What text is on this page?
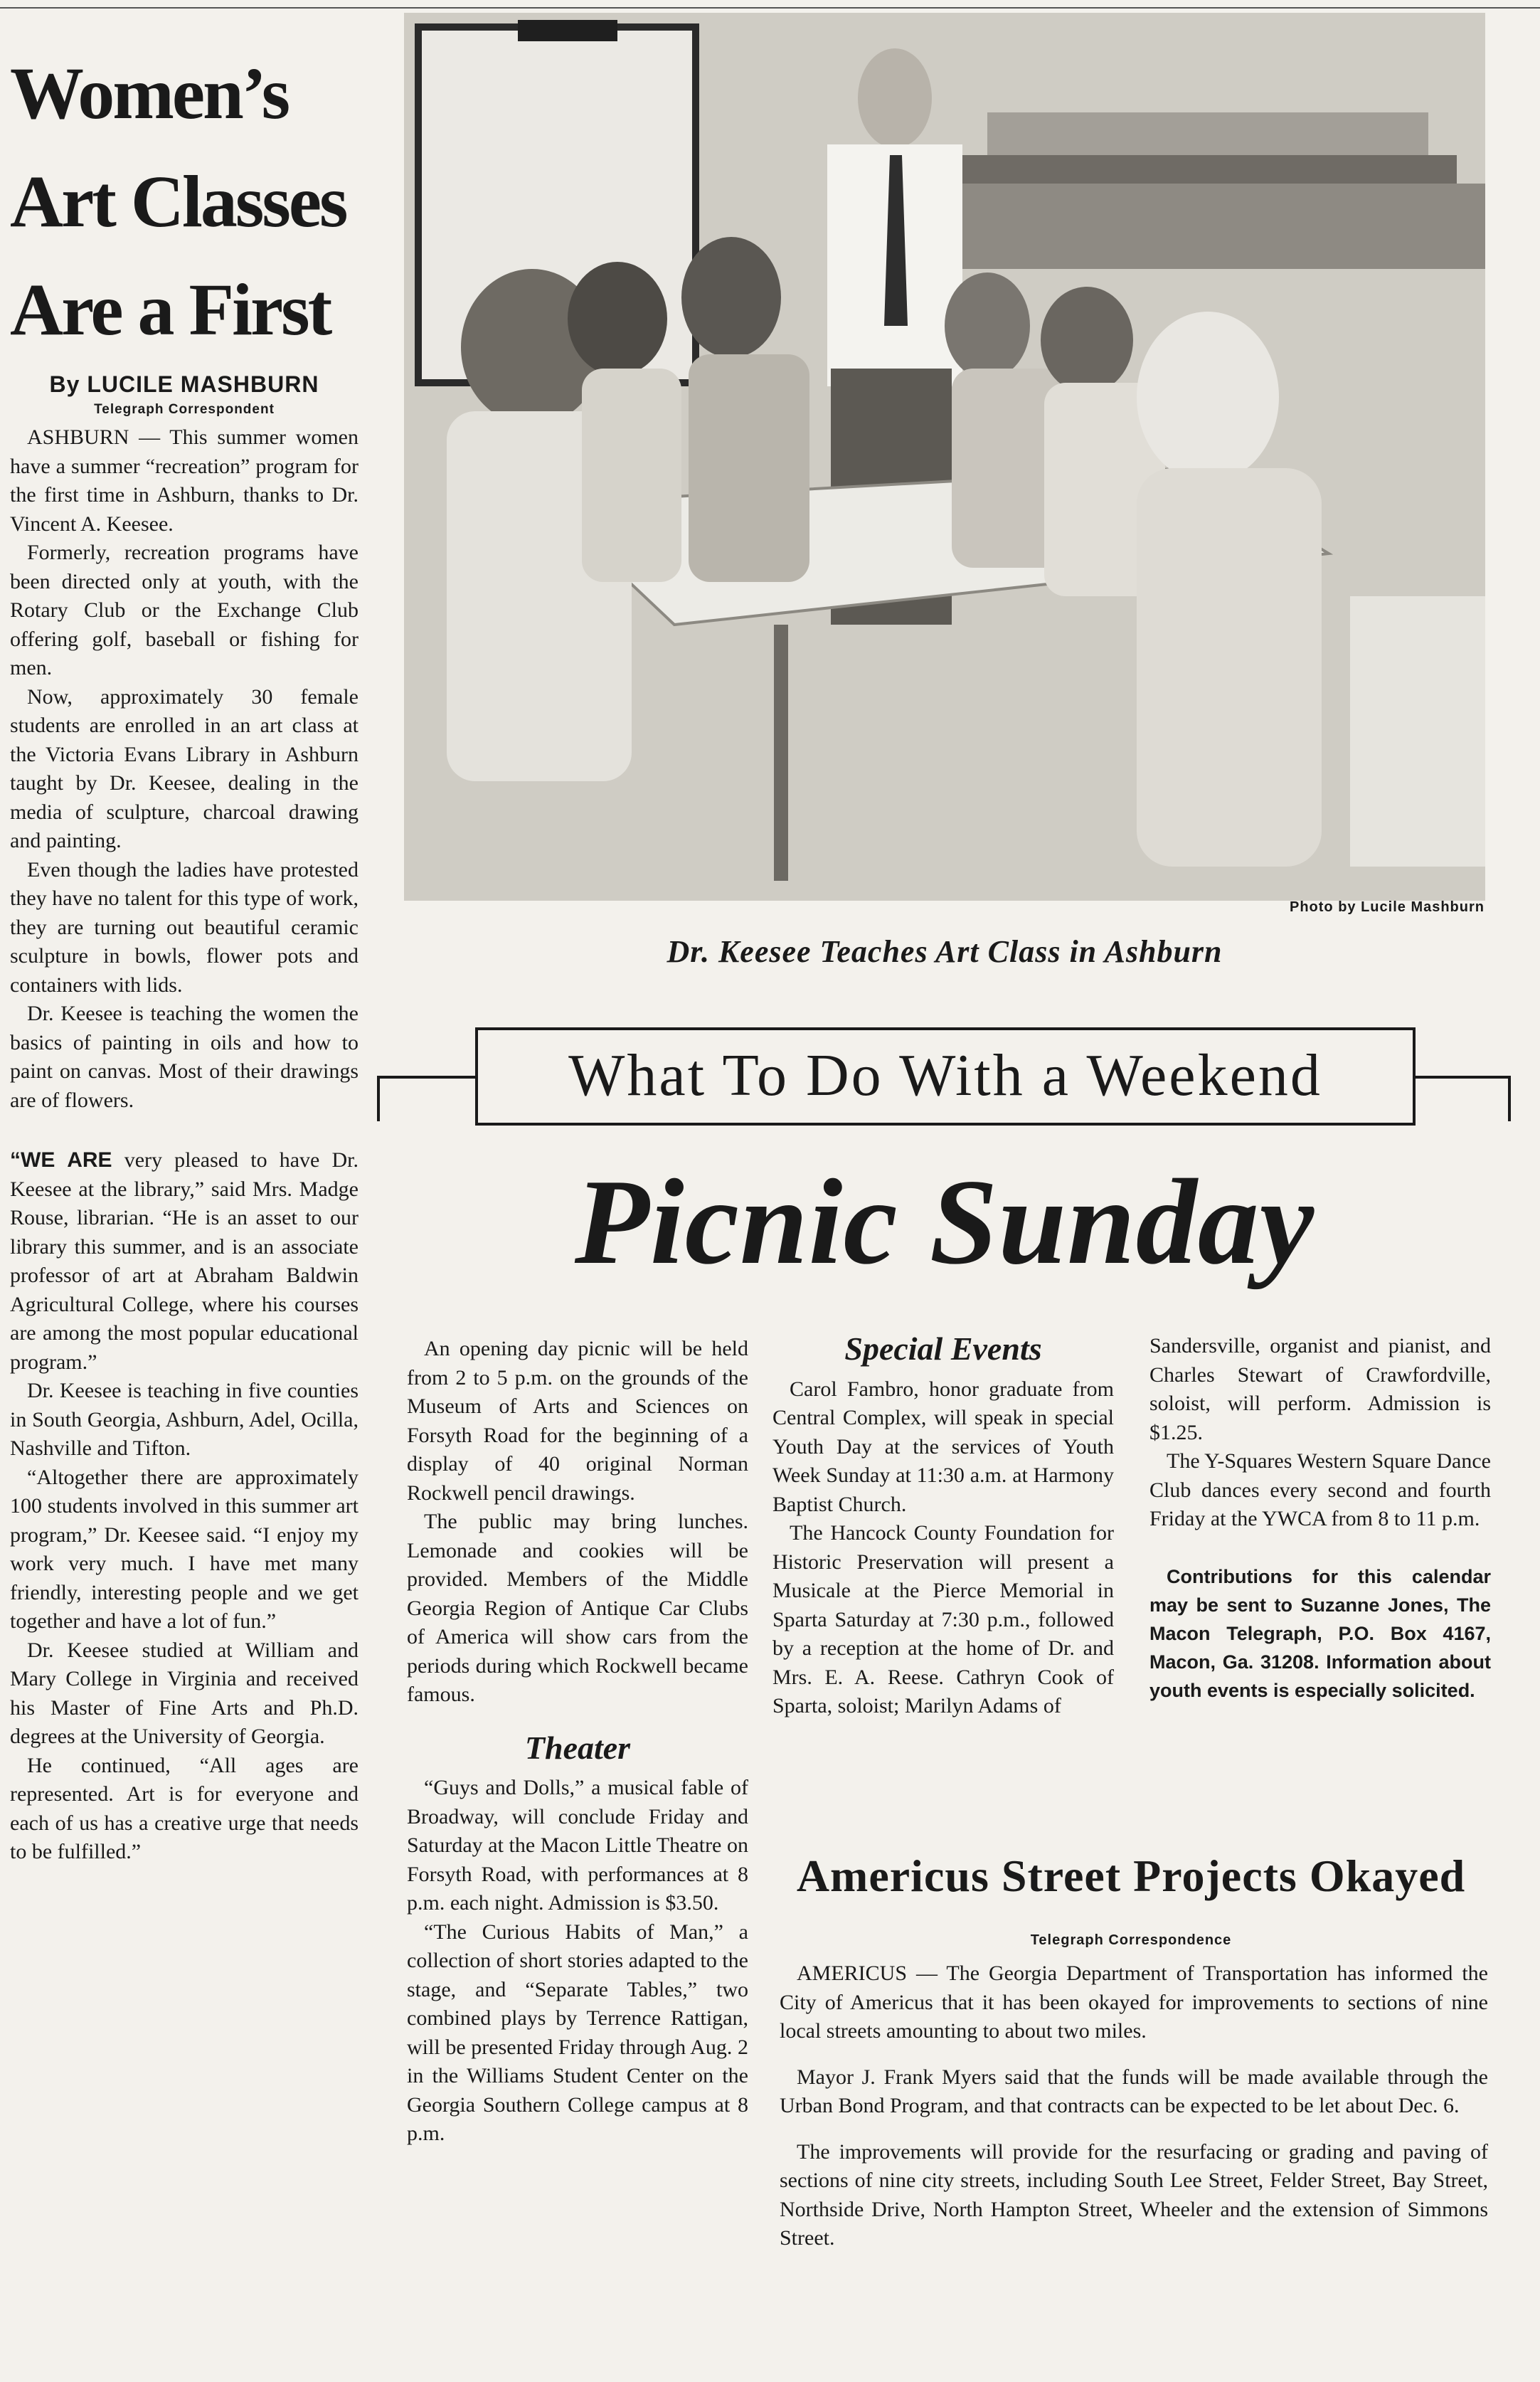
Women’s
Art Classes
Are a First
By LUCILE MASHBURN
Telegraph Correspondent

ASHBURN — This summer women have a summer “recreation” program for the first time in Ashburn, thanks to Dr. Vincent A. Keesee.

Formerly, recreation programs have been directed only at youth, with the Rotary Club or the Exchange Club offering golf, baseball or fishing for men.

Now, approximately 30 female students are enrolled in an art class at the Victoria Evans Library in Ashburn taught by Dr. Keesee, dealing in the media of sculpture, charcoal drawing and painting.

Even though the ladies have protested they have no talent for this type of work, they are turning out beautiful ceramic sculpture in bowls, flower pots and containers with lids.

Dr. Keesee is teaching the women the basics of painting in oils and how to paint on canvas. Most of their drawings are of flowers.

“WE ARE very pleased to have Dr. Keesee at the library,” said Mrs. Madge Rouse, librarian. “He is an asset to our library this summer, and is an associate professor of art at Abraham Baldwin Agricultural College, where his courses are among the most popular educational program.”

Dr. Keesee is teaching in five counties in South Georgia, Ashburn, Adel, Ocilla, Nashville and Tifton.

“Altogether there are approximately 100 students involved in this summer art program,” Dr. Keesee said. “I enjoy my work very much. I have met many friendly, interesting people and we get together and have a lot of fun.”

Dr. Keesee studied at William and Mary College in Virginia and received his Master of Fine Arts and Ph.D. degrees at the University of Georgia.

He continued, “All ages are represented. Art is for everyone and each of us has a creative urge that needs to be fulfilled.”

Photo by Lucile Mashburn
Dr. Keesee Teaches Art Class in Ashburn
What To Do With a Weekend
Picnic Sunday

An opening day picnic will be held from 2 to 5 p.m. on the grounds of the Museum of Arts and Sciences on Forsyth Road for the beginning of a display of 40 original Norman Rockwell pencil drawings.

The public may bring lunches. Lemonade and cookies will be provided. Members of the Middle Georgia Region of Antique Car Clubs of America will show cars from the periods during which Rockwell became famous.

Theater

“Guys and Dolls,” a musical fable of Broadway, will conclude Friday and Saturday at the Macon Little Theatre on Forsyth Road, with performances at 8 p.m. each night. Admission is $3.50.

“The Curious Habits of Man,” a collection of short stories adapted to the stage, and “Separate Tables,” two combined plays by Terrence Rattigan, will be presented Friday through Aug. 2 in the Williams Student Center on the Georgia Southern College campus at 8 p.m.

Special Events

Carol Fambro, honor graduate from Central Complex, will speak in special Youth Day at the services of Youth Week Sunday at 11:30 a.m. at Harmony Baptist Church.

The Hancock County Foundation for Historic Preservation will present a Musicale at the Pierce Memorial in Sparta Saturday at 7:30 p.m., followed by a reception at the home of Dr. and Mrs. E. A. Reese. Cathryn Cook of Sparta, soloist; Marilyn Adams of

Sandersville, organist and pianist, and Charles Stewart of Crawfordville, soloist, will perform. Admission is $1.25.

The Y-Squares Western Square Dance Club dances every second and fourth Friday at the YWCA from 8 to 11 p.m.

Contributions for this calendar may be sent to Suzanne Jones, The Macon Telegraph, P.O. Box 4167, Macon, Ga. 31208. Information about youth events is especially solicited.

Americus Street Projects Okayed
Telegraph Correspondence

AMERICUS — The Georgia Department of Transportation has informed the City of Americus that it has been okayed for improvements to sections of nine local streets amounting to about two miles.

Mayor J. Frank Myers said that the funds will be made available through the Urban Bond Program, and that contracts can be expected to be let about Dec. 6.

The improvements will provide for the resurfacing or grading and paving of sections of nine city streets, including South Lee Street, Felder Street, Bay Street, Northside Drive, North Hampton Street, Wheeler and the extension of Simmons Street.
